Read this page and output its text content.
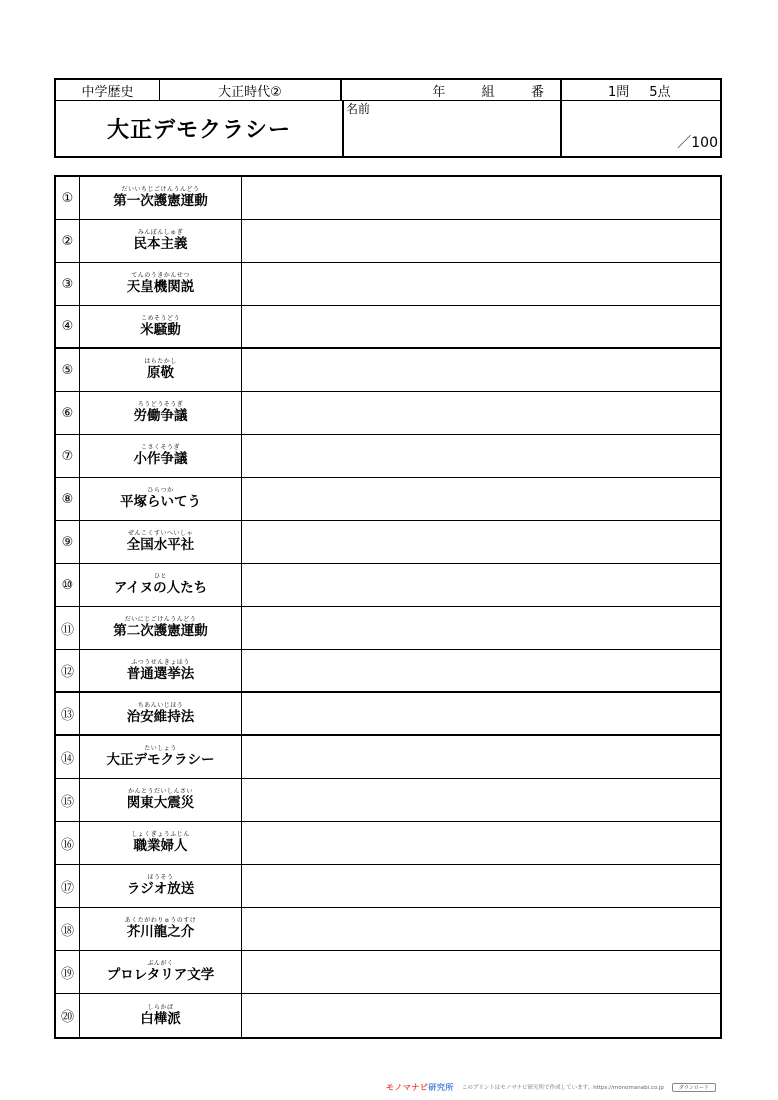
中学歴史	大正時代②	年	組	番	1問 5点
大正デモクラシー
名前
／100
①
だいいちじごけんうんどう
第一次護憲運動
②
みんぽんしゅぎ
民本主義
③
てんのうきかんせつ
天皇機関説
④
こめそうどう
米騒動
⑤
はらたかし
原敬
⑥
ろうどうそうぎ
労働争議
⑦
こさくそうぎ
小作争議
⑧
ひらつか
平塚らいてう
⑨
ぜんこくすいへいしゃ
全国水平社
⑩
ひと
アイヌの人たち
⑪
だいにじごけんうんどう
第二次護憲運動
⑫
ふつうせんきょほう
普通選挙法
⑬
ちあんいじほう
治安維持法
⑭
たいしょう
大正デモクラシー
⑮
かんとうだいしんさい
関東大震災
⑯
しょくぎょうふじん
職業婦人
⑰
ほうそう
ラジオ放送
⑱
あくたがわりゅうのすけ
芥川龍之介
⑲
ぶんがく
プロレタリア文学
⑳
しらかば
白樺派
モノマナビ研究所 このプリントはモノマナビ研究所で作成しています。https://monomanabi.co.jp	ダウンロード
